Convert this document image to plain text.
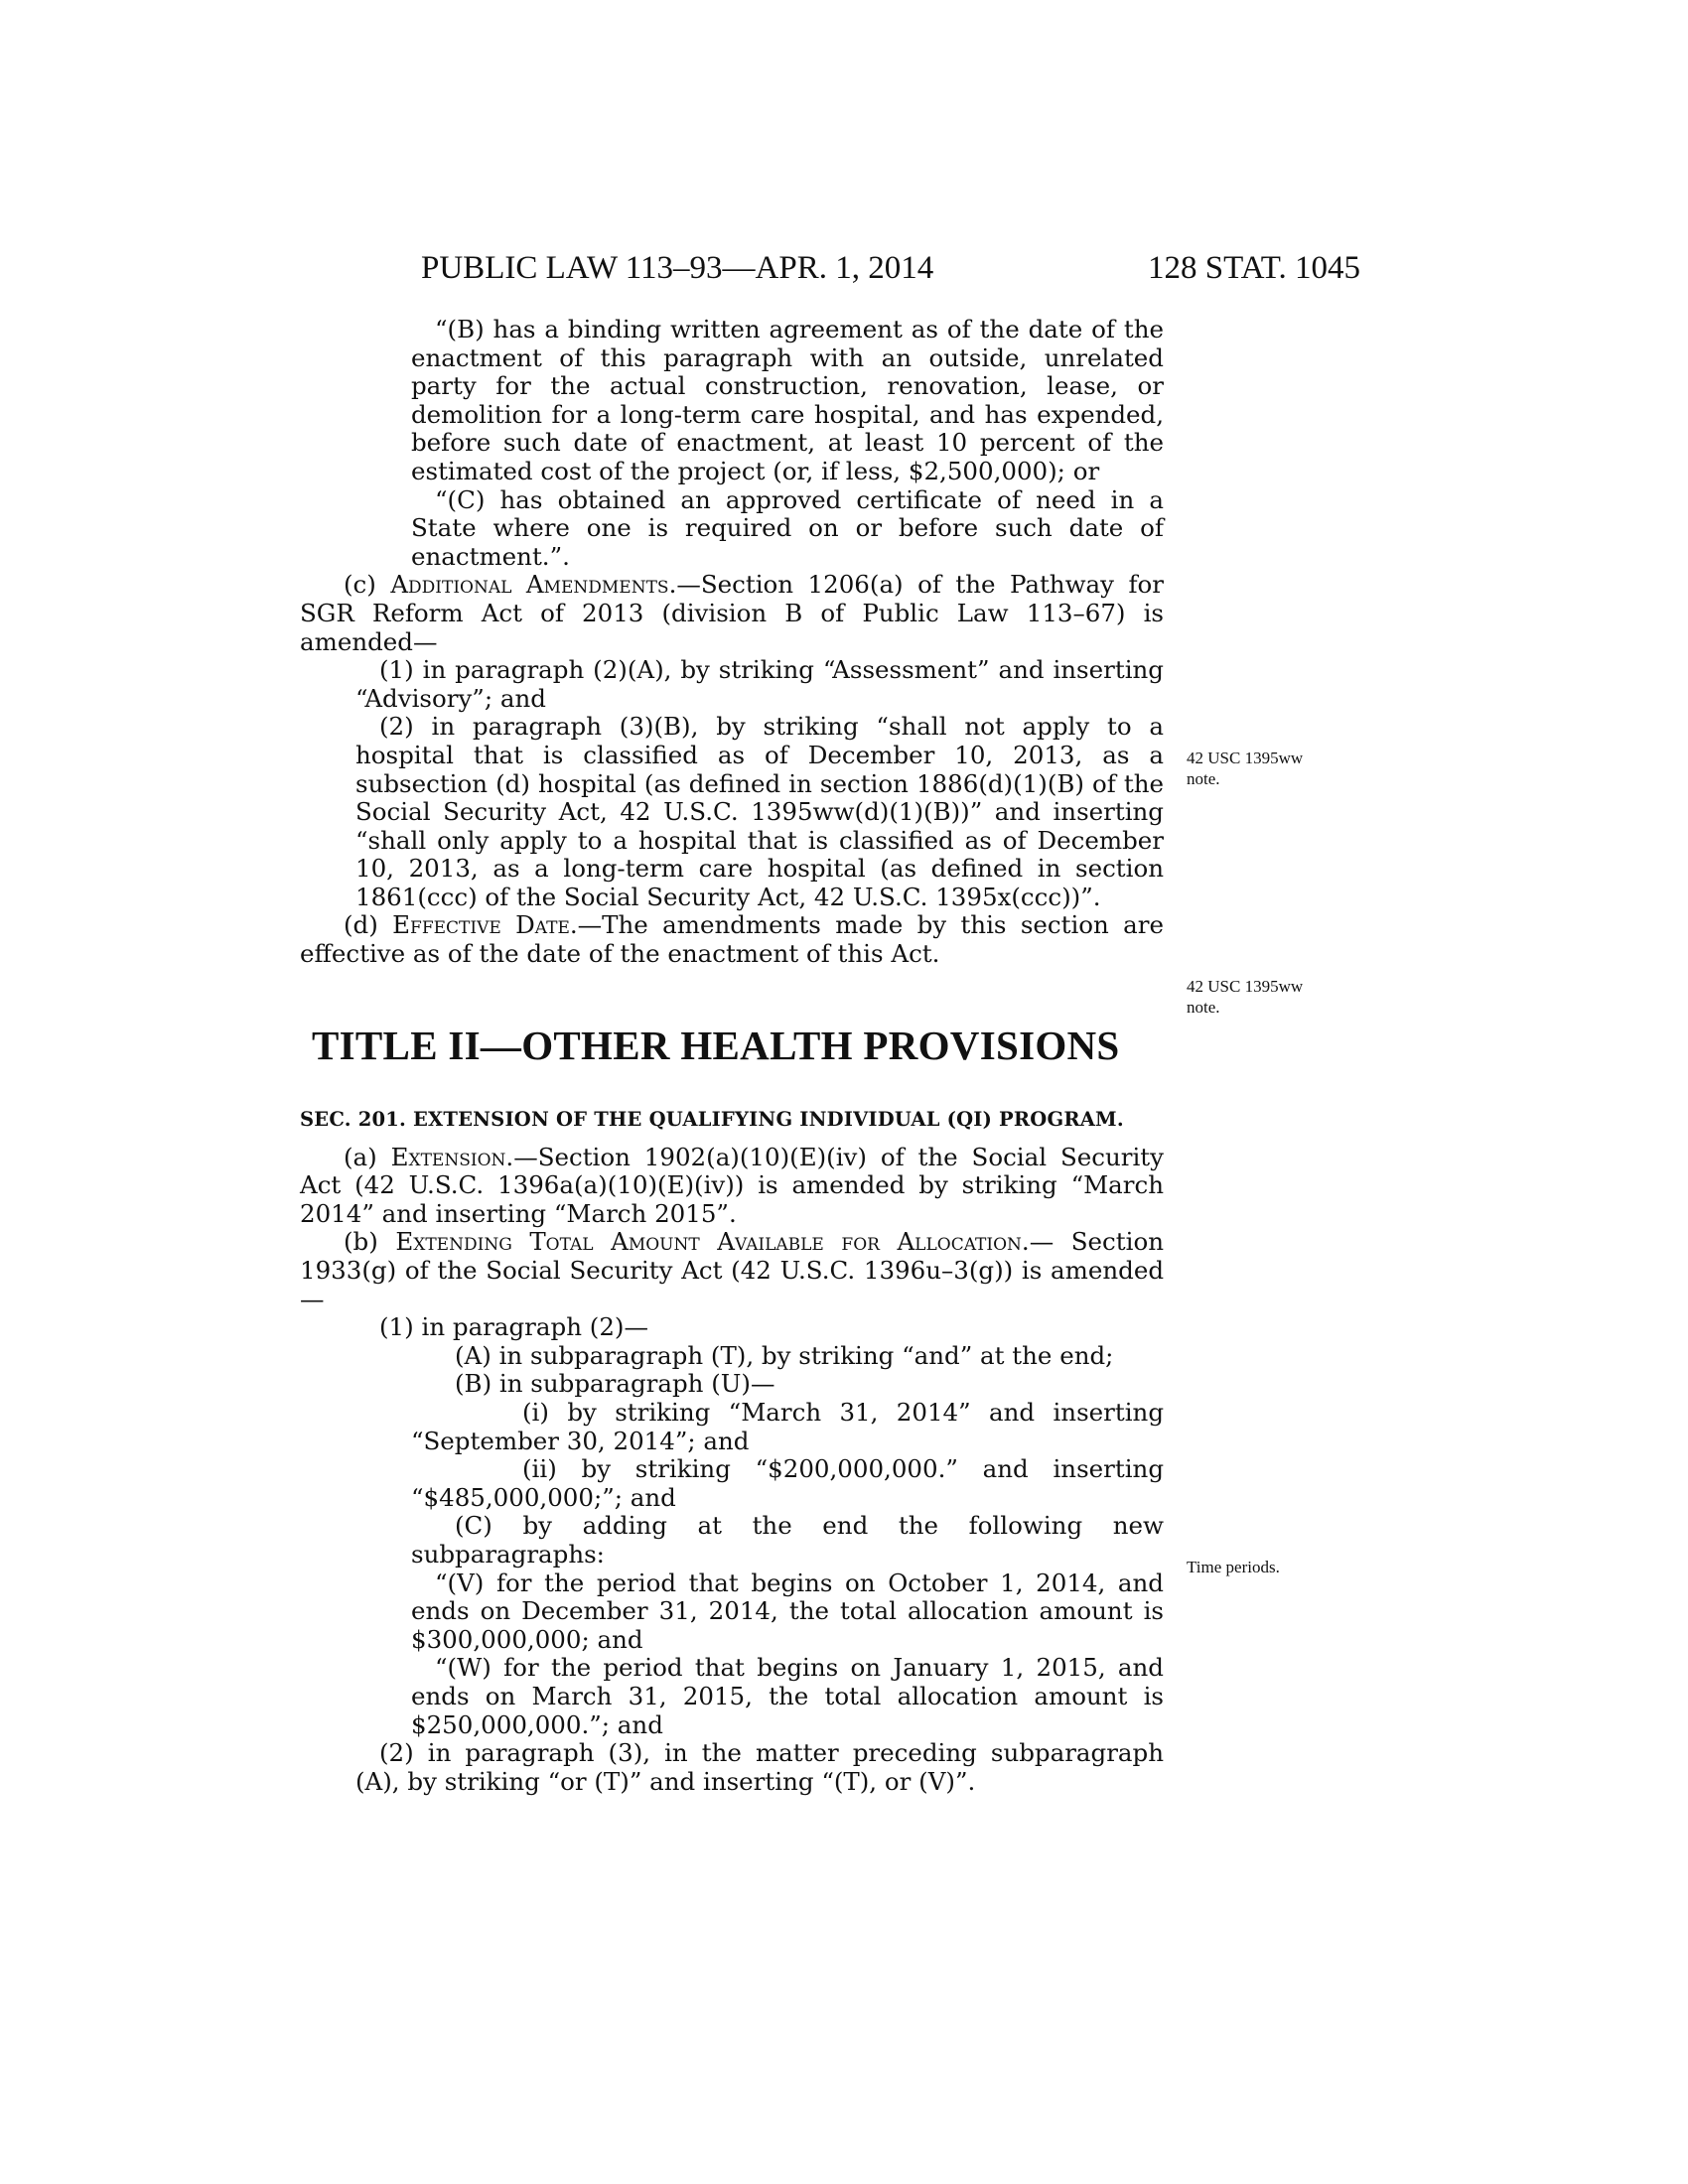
PUBLIC LAW 113–93—APR. 1, 2014	128 STAT. 1045

“(B) has a binding written agreement as of the date of the enactment of this paragraph with an outside, unrelated party for the actual construction, renovation, lease, or demolition for a long-term care hospital, and has expended, before such date of enactment, at least 10 percent of the estimated cost of the project (or, if less, $2,500,000); or

“(C) has obtained an approved certificate of need in a State where one is required on or before such date of enactment.”.

(c) Additional Amendments.—Section 1206(a) of the Pathway for SGR Reform Act of 2013 (division B of Public Law 113–67) is amended—

(1) in paragraph (2)(A), by striking “Assessment” and inserting “Advisory”; and

(2) in paragraph (3)(B), by striking “shall not apply to a hospital that is classified as of December 10, 2013, as a subsection (d) hospital (as defined in section 1886(d)(1)(B) of the Social Security Act, 42 U.S.C. 1395ww(d)(1)(B))” and inserting “shall only apply to a hospital that is classified as of December 10, 2013, as a long-term care hospital (as defined in section 1861(ccc) of the Social Security Act, 42 U.S.C. 1395x(ccc))”.

(d) Effective Date.—The amendments made by this section are effective as of the date of the enactment of this Act.

TITLE II—OTHER HEALTH PROVISIONS
SEC. 201. EXTENSION OF THE QUALIFYING INDIVIDUAL (QI) PROGRAM.

(a) Extension.—Section 1902(a)(10)(E)(iv) of the Social Security Act (42 U.S.C. 1396a(a)(10)(E)(iv)) is amended by striking “March 2014” and inserting “March 2015”.

(b) Extending Total Amount Available for Allocation.— Section 1933(g) of the Social Security Act (42 U.S.C. 1396u–3(g)) is amended—

(1) in paragraph (2)—

(A) in subparagraph (T), by striking “and” at the end;

(B) in subparagraph (U)—

(i) by striking “March 31, 2014” and inserting “September 30, 2014”; and

(ii) by striking “$200,000,000.” and inserting “$485,000,000;”; and

(C) by adding at the end the following new subparagraphs:

“(V) for the period that begins on October 1, 2014, and ends on December 31, 2014, the total allocation amount is $300,000,000; and

“(W) for the period that begins on January 1, 2015, and ends on March 31, 2015, the total allocation amount is $250,000,000.”; and

(2) in paragraph (3), in the matter preceding subparagraph (A), by striking “or (T)” and inserting “(T), or (V)”.

42 USC 1395ww
note.
42 USC 1395ww
note.
Time periods.
